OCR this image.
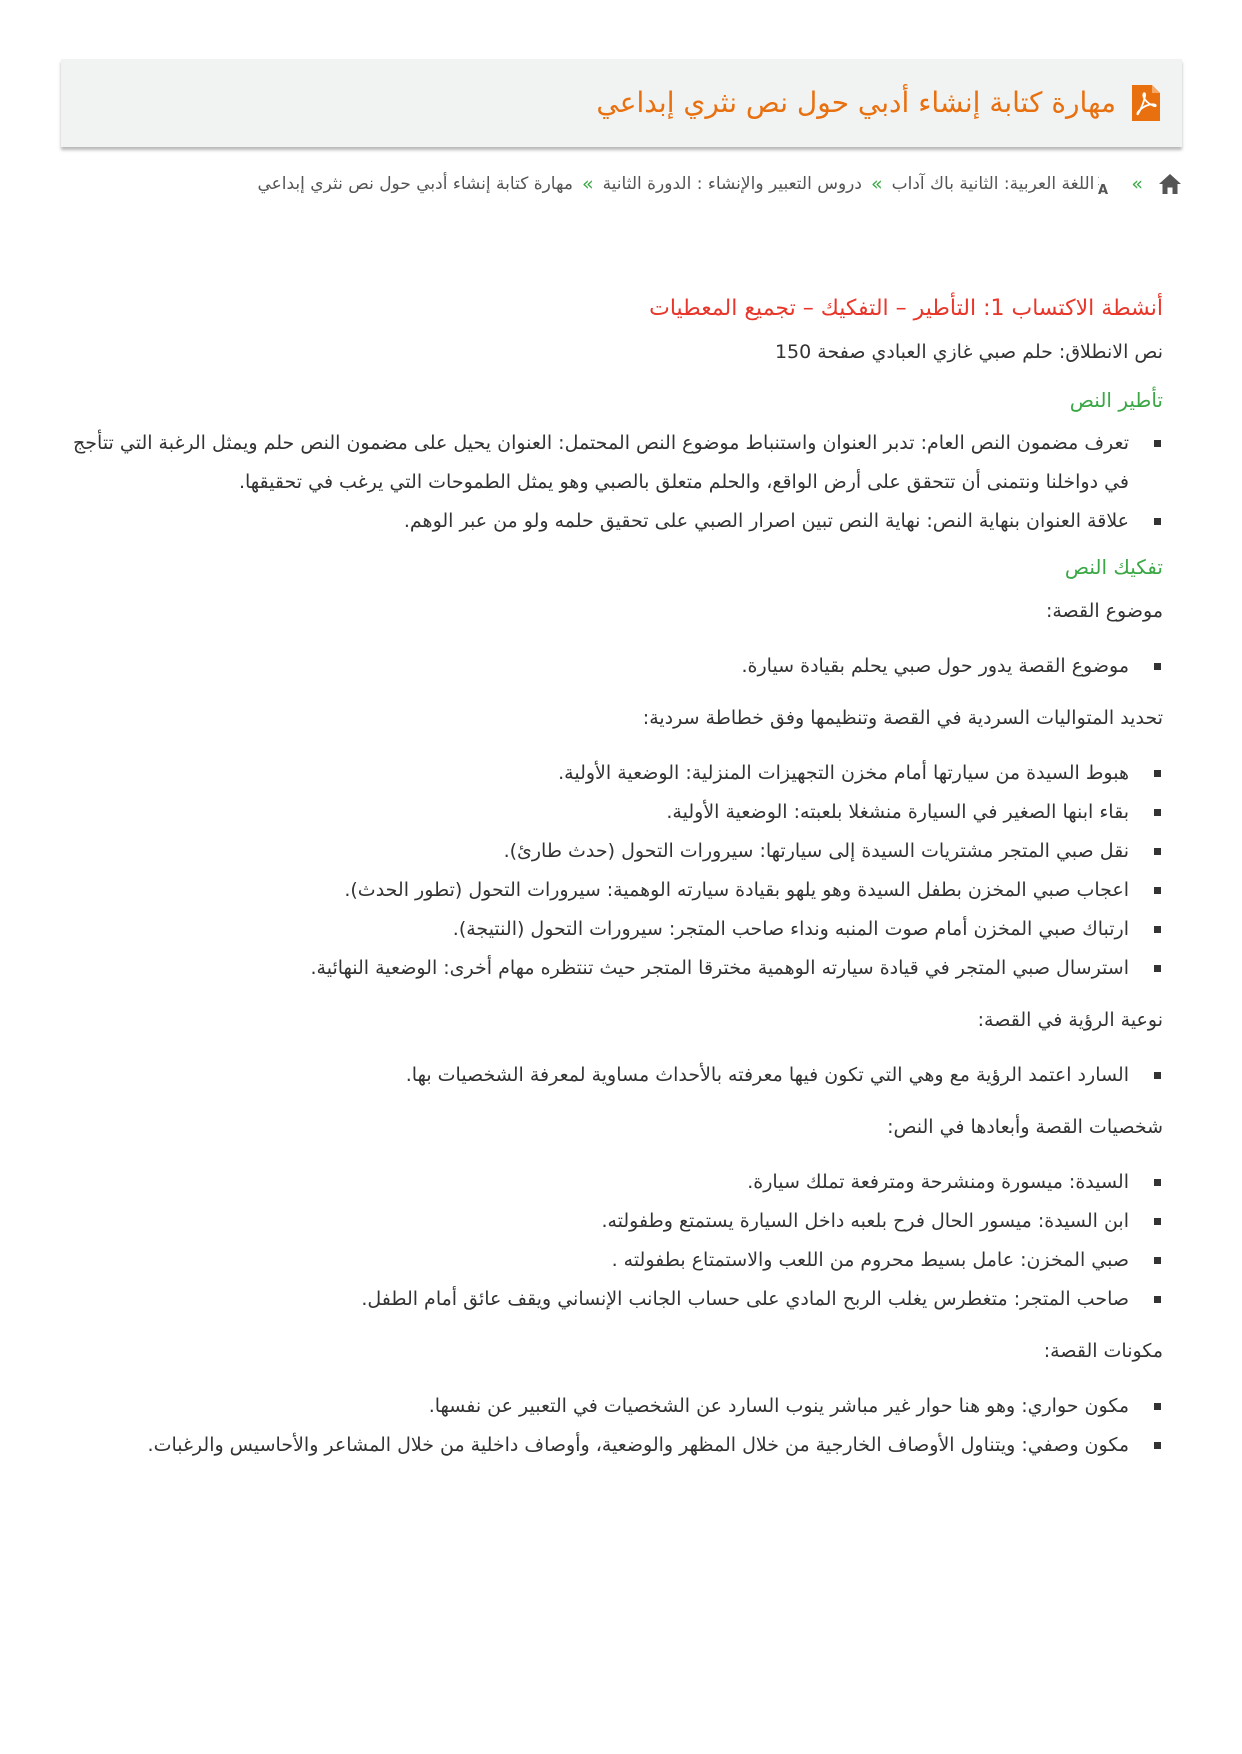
مهارة كتابة إنشاء أدبي حول نص نثري إبداعي
»
A
اللغة العربية: الثانية باك آداب
»
دروس التعبير والإنشاء : الدورة الثانية
»
مهارة كتابة إنشاء أدبي حول نص نثري إبداعي
أنشطة الاكتساب 1: التأطير – التفكيك – تجميع المعطيات

نص الانطلاق: حلم صبي غازي العبادي صفحة 150

تأطير النص
تعرف مضمون النص العام: تدبر العنوان واستنباط موضوع النص المحتمل: العنوان يحيل على مضمون النص حلم ويمثل الرغبة التي تتأجج في دواخلنا ونتمنى أن تتحقق على أرض الواقع، والحلم متعلق بالصبي وهو يمثل الطموحات التي يرغب في تحقيقها.
علاقة العنوان بنهاية النص: نهاية النص تبين اصرار الصبي على تحقيق حلمه ولو من عبر الوهم.
تفكيك النص

موضوع القصة:

موضوع القصة يدور حول صبي يحلم بقيادة سيارة.

تحديد المتواليات السردية في القصة وتنظيمها وفق خطاطة سردية:

هبوط السيدة من سيارتها أمام مخزن التجهيزات المنزلية: الوضعية الأولية.
بقاء ابنها الصغير في السيارة منشغلا بلعبته: الوضعية الأولية.
نقل صبي المتجر مشتريات السيدة إلى سيارتها: سيرورات التحول (حدث طارئ).
اعجاب صبي المخزن بطفل السيدة وهو يلهو بقيادة سيارته الوهمية: سيرورات التحول (تطور الحدث).
ارتباك صبي المخزن أمام صوت المنبه ونداء صاحب المتجر: سيرورات التحول (النتيجة).
استرسال صبي المتجر في قيادة سيارته الوهمية مخترقا المتجر حيث تنتظره مهام أخرى: الوضعية النهائية.

نوعية الرؤية في القصة:

السارد اعتمد الرؤية مع وهي التي تكون فيها معرفته بالأحداث مساوية لمعرفة الشخصيات بها.

شخصيات القصة وأبعادها في النص:

السيدة: ميسورة ومنشرحة ومترفعة تملك سيارة.
ابن السيدة: ميسور الحال فرح بلعبه داخل السيارة يستمتع وطفولته.
صبي المخزن: عامل بسيط محروم من اللعب والاستمتاع بطفولته .
صاحب المتجر: متغطرس يغلب الربح المادي على حساب الجانب الإنساني ويقف عائق أمام الطفل.

مكونات القصة:

مكون حواري: وهو هنا حوار غير مباشر ينوب السارد عن الشخصيات في التعبير عن نفسها.
مكون وصفي: ويتناول الأوصاف الخارجية من خلال المظهر والوضعية، وأوصاف داخلية من خلال المشاعر والأحاسيس والرغبات.
